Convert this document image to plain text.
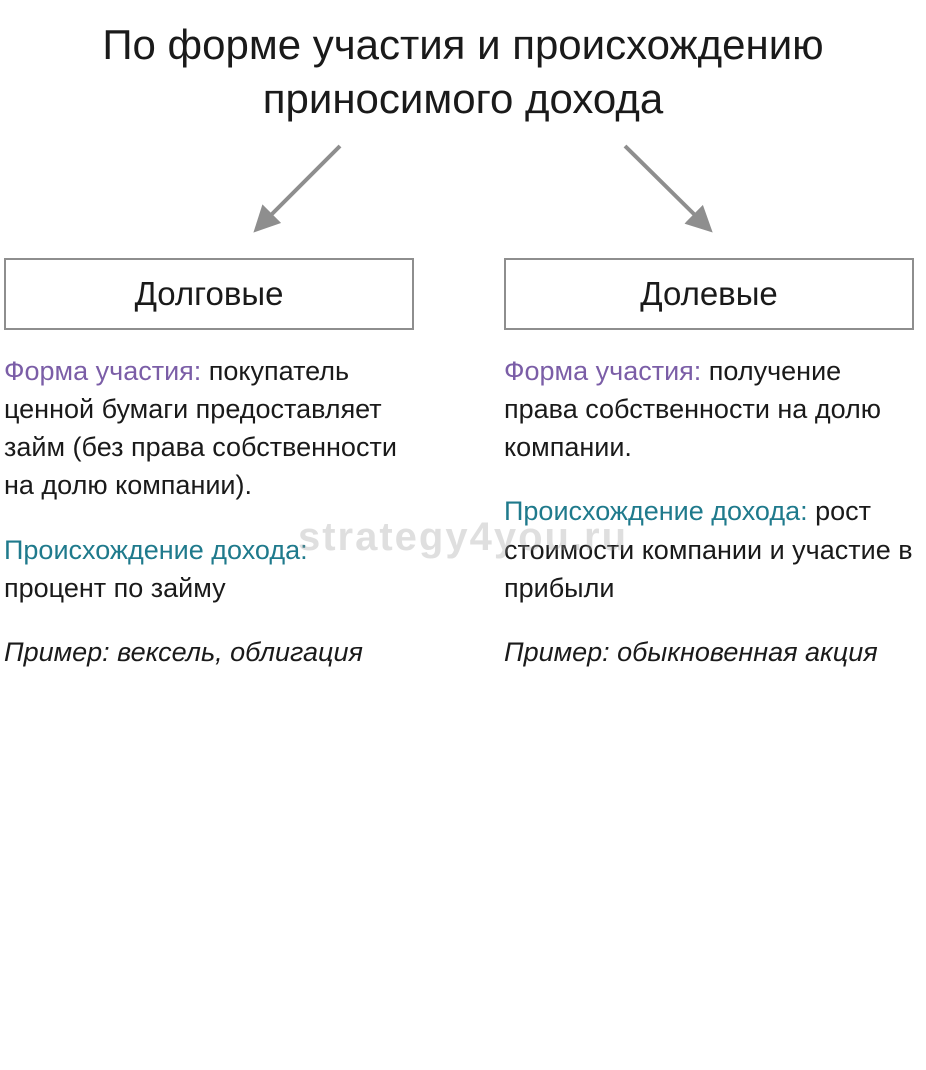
По форме участия и происхождению приносимого дохода
Долговые

Форма участия: покупатель ценной бумаги предоставляет займ (без права собственности на долю компании).

Происхождение дохода: процент по займу

Пример: вексель, облигация

Долевые

Форма участия: получение права собственности на долю компании.

Происхождение дохода: рост стоимости компании и участие в прибыли

Пример: обыкновенная акция

strategy4you.ru
